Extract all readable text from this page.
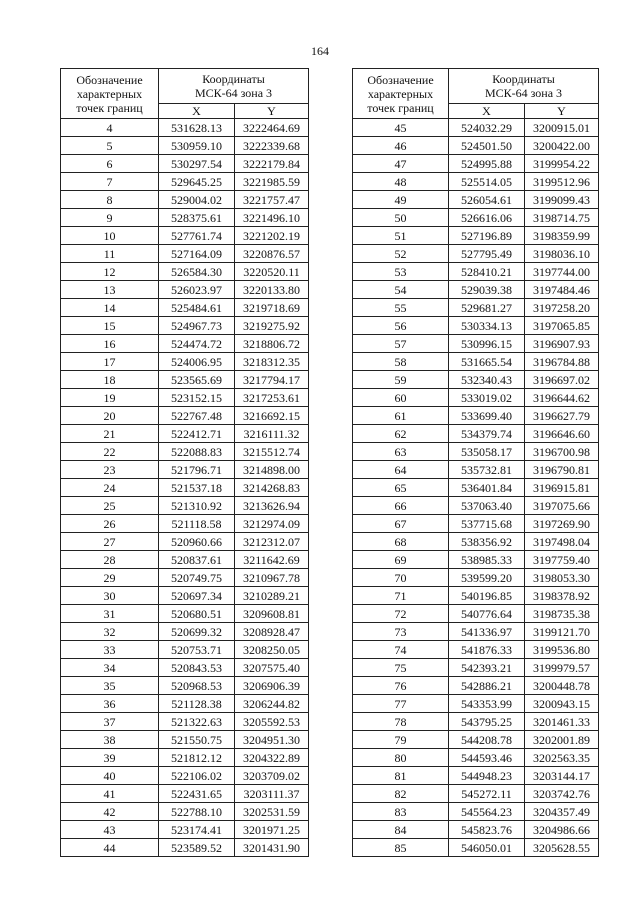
164
Обозначение
характерных
точек границ	Координаты
МСК-64 зона 3	

	X	Y
4	531628.13	3222464.69
5	530959.10	3222339.68
6	530297.54	3222179.84
7	529645.25	3221985.59
8	529004.02	3221757.47
9	528375.61	3221496.10
10	527761.74	3221202.19
11	527164.09	3220876.57
12	526584.30	3220520.11
13	526023.97	3220133.80
14	525484.61	3219718.69
15	524967.73	3219275.92
16	524474.72	3218806.72
17	524006.95	3218312.35
18	523565.69	3217794.17
19	523152.15	3217253.61
20	522767.48	3216692.15
21	522412.71	3216111.32
22	522088.83	3215512.74
23	521796.71	3214898.00
24	521537.18	3214268.83
25	521310.92	3213626.94
26	521118.58	3212974.09
27	520960.66	3212312.07
28	520837.61	3211642.69
29	520749.75	3210967.78
30	520697.34	3210289.21
31	520680.51	3209608.81
32	520699.32	3208928.47
33	520753.71	3208250.05
34	520843.53	3207575.40
35	520968.53	3206906.39
36	521128.38	3206244.82
37	521322.63	3205592.53
38	521550.75	3204951.30
39	521812.12	3204322.89
40	522106.02	3203709.02
41	522431.65	3203111.37
42	522788.10	3202531.59
43	523174.41	3201971.25
44	523589.52	3201431.90
Обозначение
характерных
точек границ	Координаты
МСК-64 зона 3	

	X	Y
45	524032.29	3200915.01
46	524501.50	3200422.00
47	524995.88	3199954.22
48	525514.05	3199512.96
49	526054.61	3199099.43
50	526616.06	3198714.75
51	527196.89	3198359.99
52	527795.49	3198036.10
53	528410.21	3197744.00
54	529039.38	3197484.46
55	529681.27	3197258.20
56	530334.13	3197065.85
57	530996.15	3196907.93
58	531665.54	3196784.88
59	532340.43	3196697.02
60	533019.02	3196644.62
61	533699.40	3196627.79
62	534379.74	3196646.60
63	535058.17	3196700.98
64	535732.81	3196790.81
65	536401.84	3196915.81
66	537063.40	3197075.66
67	537715.68	3197269.90
68	538356.92	3197498.04
69	538985.33	3197759.40
70	539599.20	3198053.30
71	540196.85	3198378.92
72	540776.64	3198735.38
73	541336.97	3199121.70
74	541876.33	3199536.80
75	542393.21	3199979.57
76	542886.21	3200448.78
77	543353.99	3200943.15
78	543795.25	3201461.33
79	544208.78	3202001.89
80	544593.46	3202563.35
81	544948.23	3203144.17
82	545272.11	3203742.76
83	545564.23	3204357.49
84	545823.76	3204986.66
85	546050.01	3205628.55
